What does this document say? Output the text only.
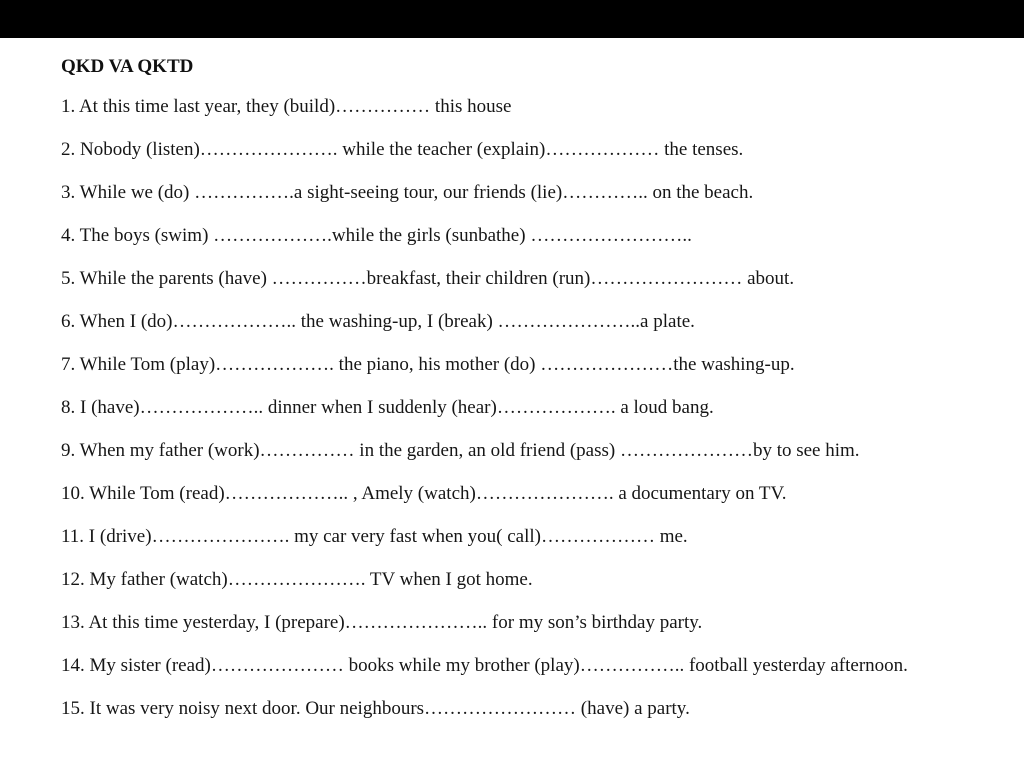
QKD VA QKTD
1. At this time last year, they (build)…………… this house
2. Nobody (listen)…………………. while the teacher (explain)……………… the tenses.
3. While we (do) …………….a sight-seeing tour, our friends (lie)………….. on the beach.
4. The boys (swim) ……………….while the girls (sunbathe) ……………………..
5. While the parents (have) ……………breakfast, their children (run)…………………… about.
6. When I (do)……………….. the washing-up, I (break) …………………..a plate.
7. While Tom (play)………………. the piano, his mother (do) …………………the washing-up.
8. I (have)……………….. dinner when I suddenly (hear)………………. a loud bang.
9. When my father (work)…………… in the garden, an old friend (pass) …………………by to see him.
10. While Tom (read)……………….. , Amely (watch)…………………. a documentary on TV.
11. I (drive)…………………. my car very fast when you( call)……………… me.
12. My father (watch)…………………. TV when I got home.
13. At this time yesterday, I (prepare)………………….. for my son’s birthday party.
14. My sister (read)………………… books while my brother (play)…………….. football yesterday afternoon.
15. It was very noisy next door. Our neighbours…………………… (have) a party.
